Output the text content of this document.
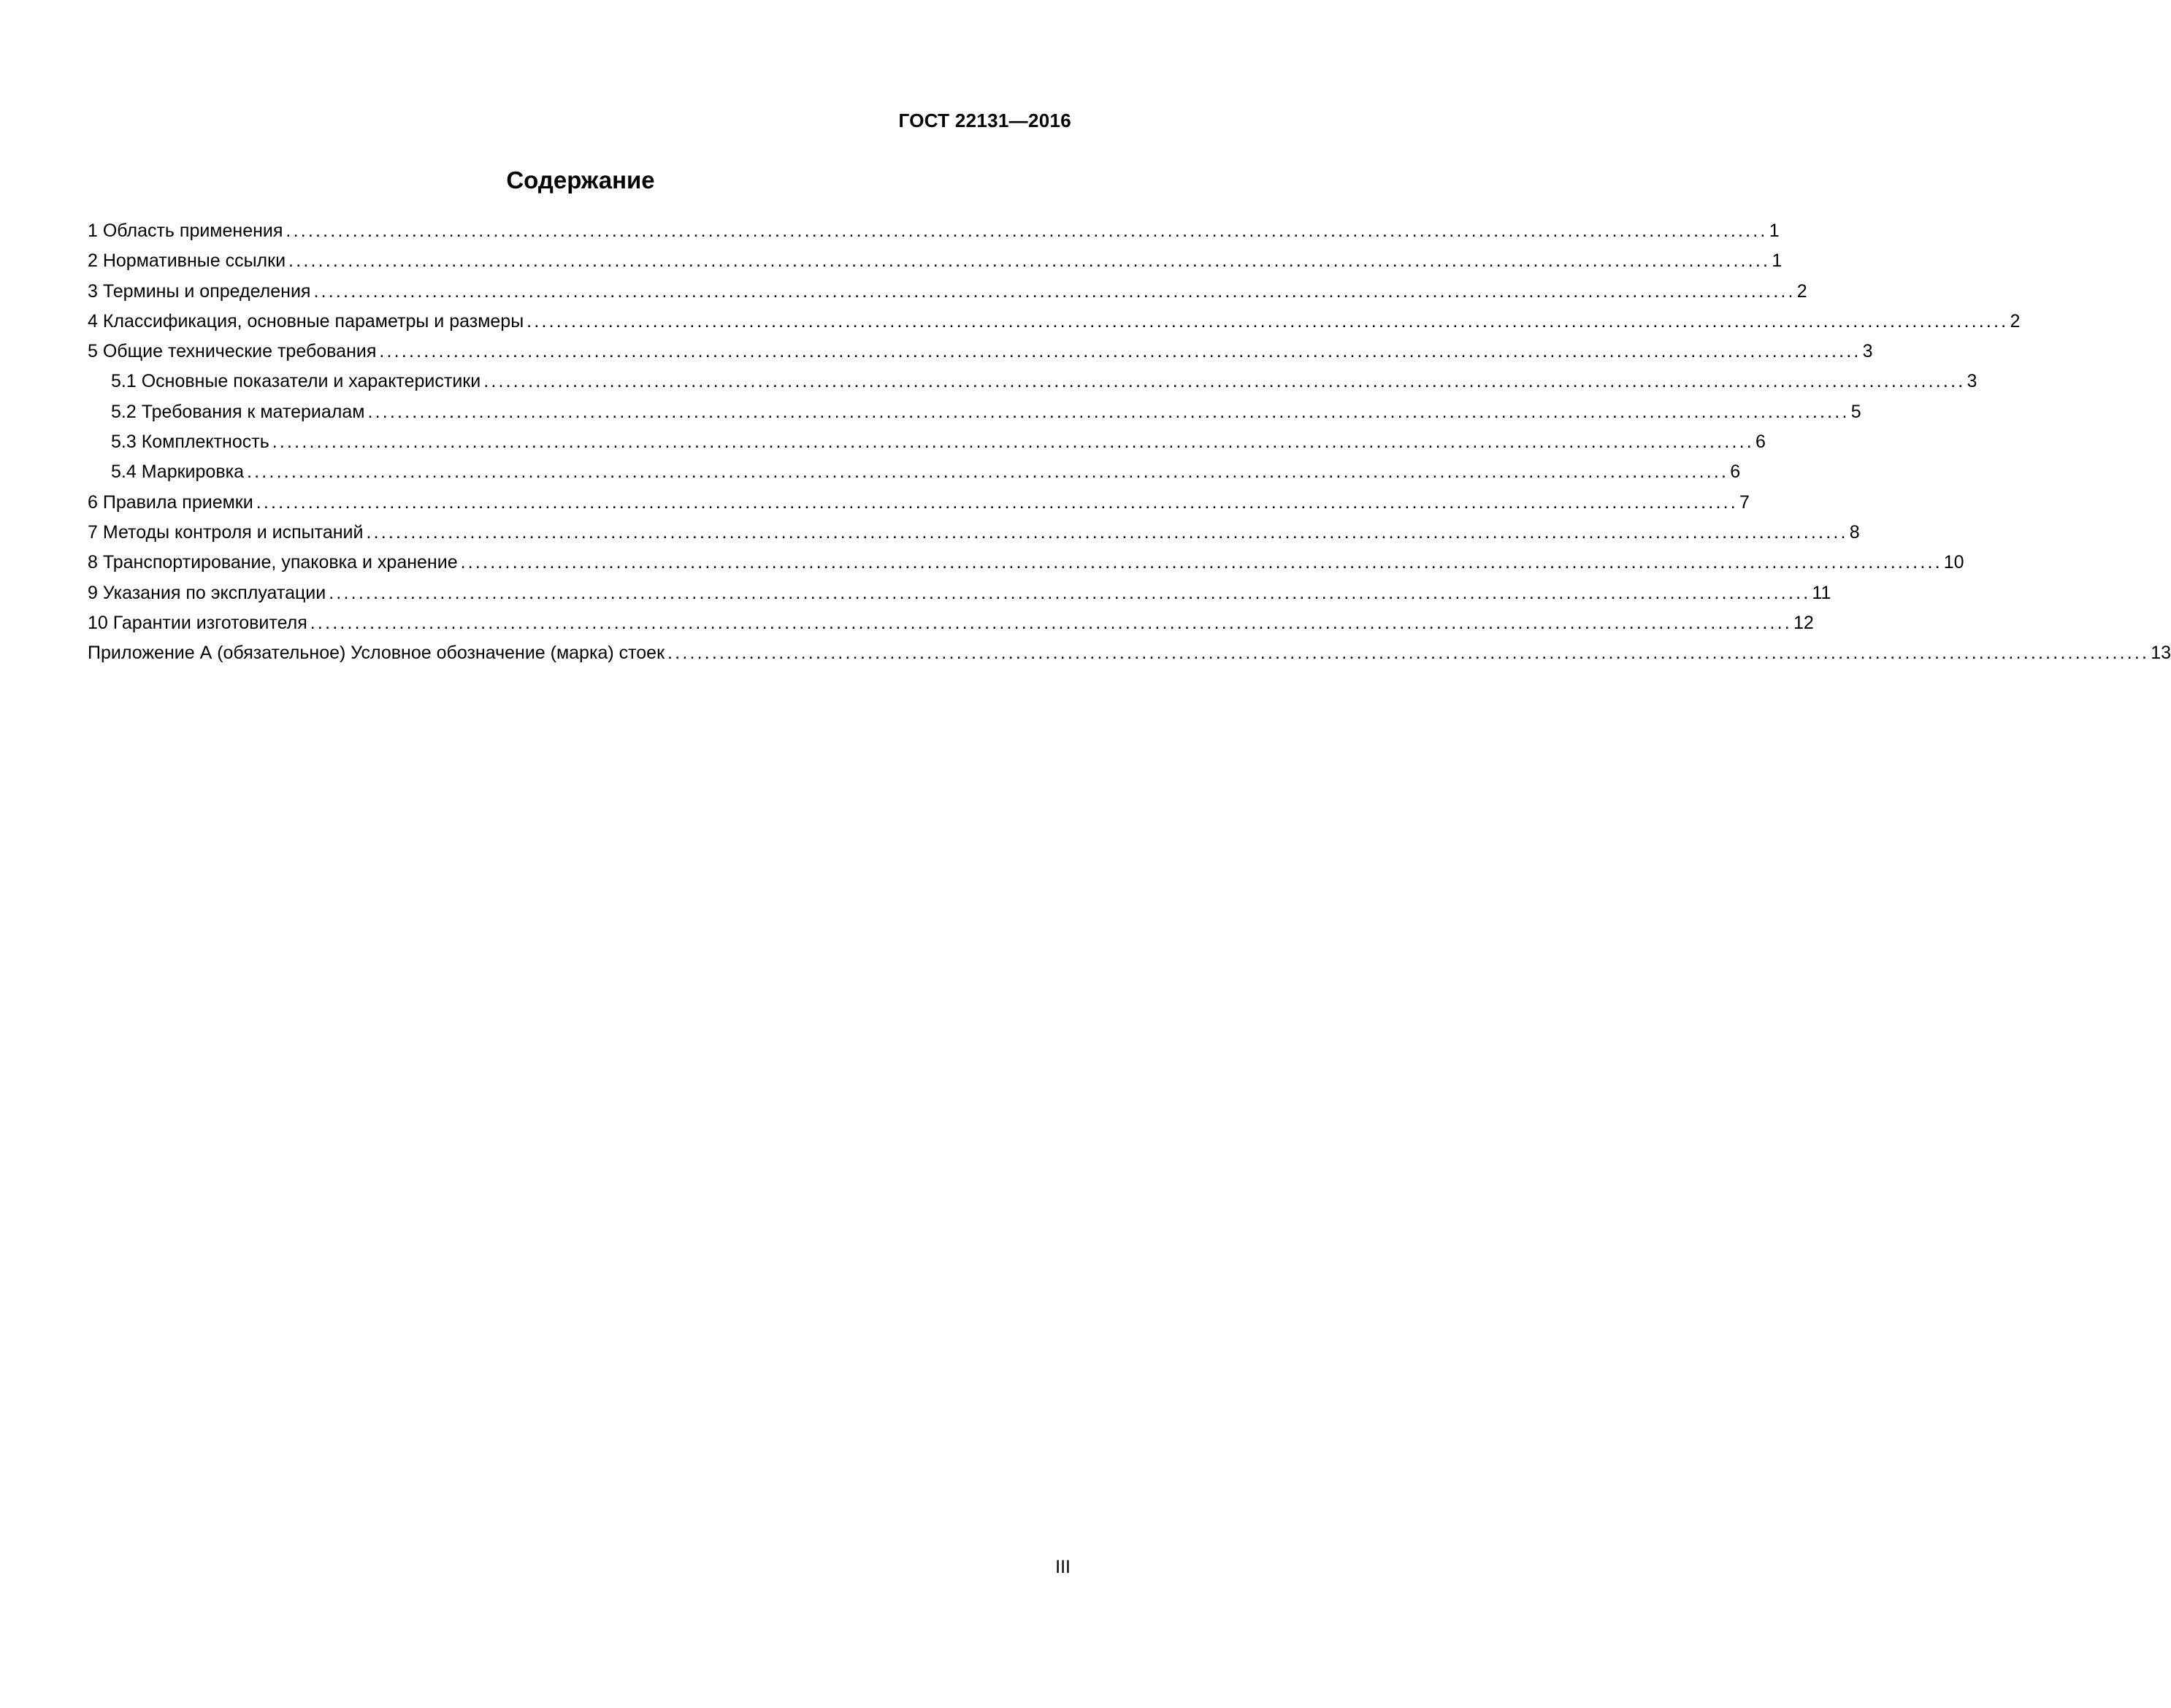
ГОСТ 22131—2016
Содержание
1 Область применения ........................................................................................................................................................................................................ 1
2 Нормативные ссылки ........................................................................................................................................................................................................ 1
3 Термины и определения ........................................................................................................................................................................................................ 2
4 Классификация, основные параметры и размеры ........................................................................................................................................................................................................ 2
5 Общие технические требования ........................................................................................................................................................................................................ 3
5.1 Основные показатели и характеристики ........................................................................................................................................................................................................ 3
5.2 Требования к материалам ........................................................................................................................................................................................................ 5
5.3 Комплектность ........................................................................................................................................................................................................ 6
5.4 Маркировка ........................................................................................................................................................................................................ 6
6 Правила приемки ........................................................................................................................................................................................................ 7
7 Методы контроля и испытаний ........................................................................................................................................................................................................ 8
8 Транспортирование, упаковка и хранение ........................................................................................................................................................................................................ 10
9 Указания по эксплуатации ........................................................................................................................................................................................................ 11
10 Гарантии изготовителя ........................................................................................................................................................................................................ 12
Приложение А (обязательное) Условное обозначение (марка) стоек ........................................................................................................................................................................................................ 13
III
